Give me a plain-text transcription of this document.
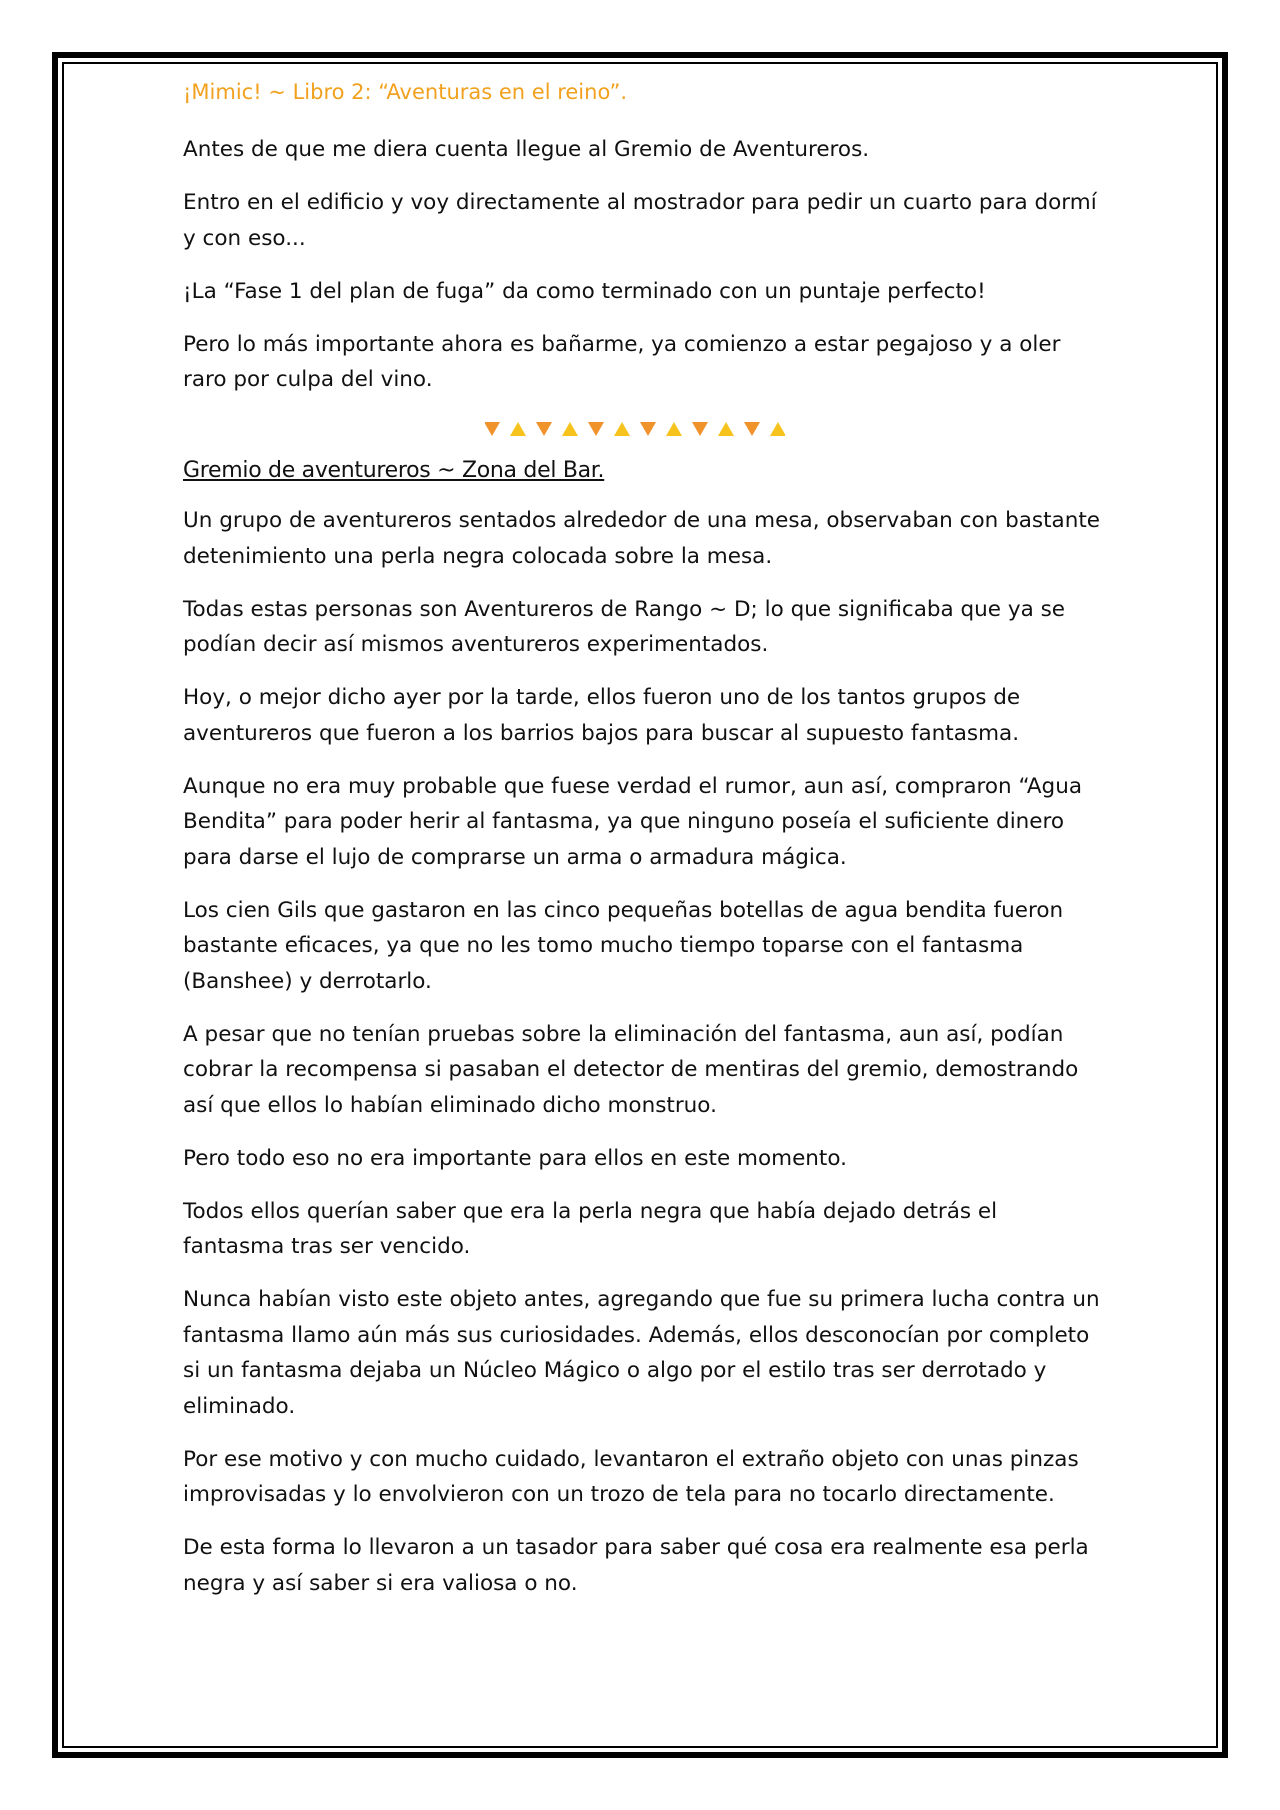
¡Mimic! ~ Libro 2: “Aventuras en el reino”.

Antes de que me diera cuenta llegue al Gremio de Aventureros.

Entro en el edificio y voy directamente al mostrador para pedir un cuarto para dormí y con eso...

¡La “Fase 1 del plan de fuga” da como terminado con un puntaje perfecto!

Pero lo más importante ahora es bañarme, ya comienzo a estar pegajoso y a oler raro por culpa del vino.

Gremio de aventureros ~ Zona del Bar.

Un grupo de aventureros sentados alrededor de una mesa, observaban con bastante detenimiento una perla negra colocada sobre la mesa.

Todas estas personas son Aventureros de Rango ~ D; lo que significaba que ya se podían decir así mismos aventureros experimentados.

Hoy, o mejor dicho ayer por la tarde, ellos fueron uno de los tantos grupos de aventureros que fueron a los barrios bajos para buscar al supuesto fantasma.

Aunque no era muy probable que fuese verdad el rumor, aun así, compraron “Agua Bendita” para poder herir al fantasma, ya que ninguno poseía el suficiente dinero para darse el lujo de comprarse un arma o armadura mágica.

Los cien Gils que gastaron en las cinco pequeñas botellas de agua bendita fueron bastante eficaces, ya que no les tomo mucho tiempo toparse con el fantasma (Banshee) y derrotarlo.

A pesar que no tenían pruebas sobre la eliminación del fantasma, aun así, podían cobrar la recompensa si pasaban el detector de mentiras del gremio, demostrando así que ellos lo habían eliminado dicho monstruo.

Pero todo eso no era importante para ellos en este momento.

Todos ellos querían saber que era la perla negra que había dejado detrás el fantasma tras ser vencido.

Nunca habían visto este objeto antes, agregando que fue su primera lucha contra un fantasma llamo aún más sus curiosidades. Además, ellos desconocían por completo si un fantasma dejaba un Núcleo Mágico o algo por el estilo tras ser derrotado y eliminado.

Por ese motivo y con mucho cuidado, levantaron el extraño objeto con unas pinzas improvisadas y lo envolvieron con un trozo de tela para no tocarlo directamente.

De esta forma lo llevaron a un tasador para saber qué cosa era realmente esa perla negra y así saber si era valiosa o no.
